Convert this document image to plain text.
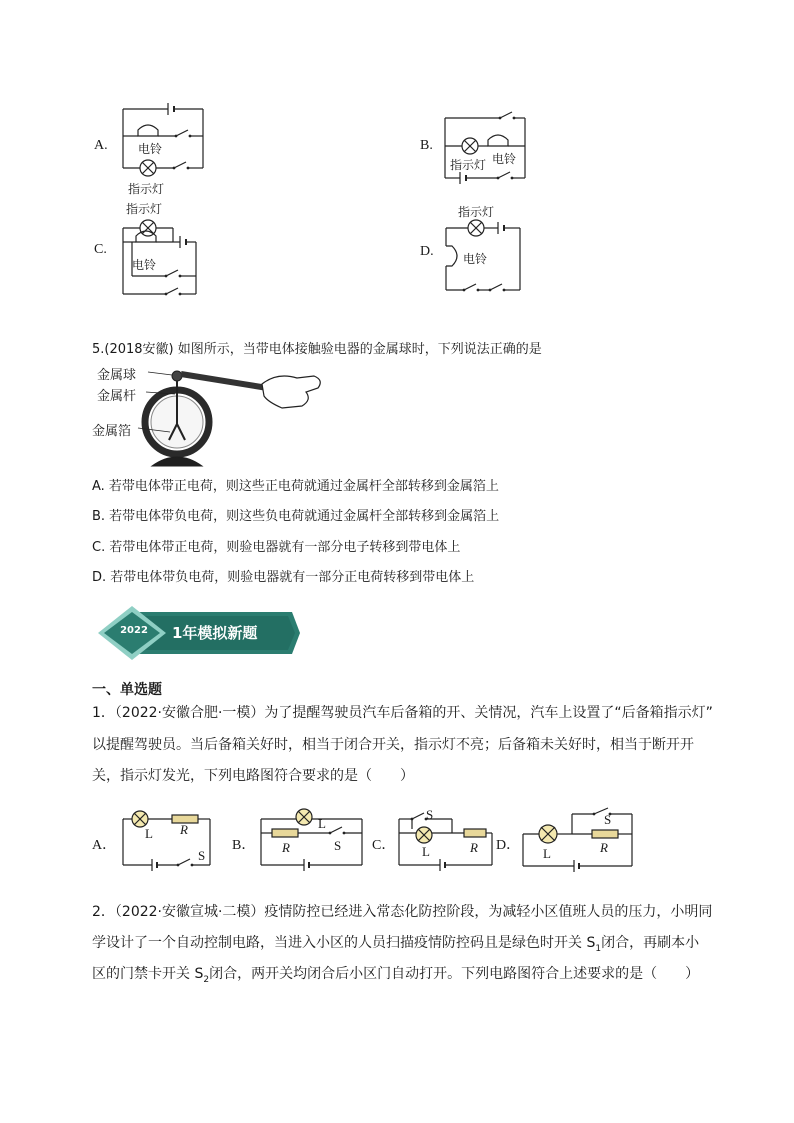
A.	电铃
指示灯
B.
指示灯 电铃
指示灯
C.
电铃
指示灯
D. 电铃
5.(2018安徽) 如图所示，当带电体接触验电器的金属球时，下列说法正确的是
金属球
金属杆
金属箔
A. 若带电体带正电荷，则这些正电荷就通过金属杆全部转移到金属箔上
B. 若带电体带负电荷，则这些负电荷就通过金属杆全部转移到金属箔上
C. 若带电体带正电荷，则验电器就有一部分电子转移到带电体上
D. 若带电体带负电荷，则验电器就有一部分正电荷转移到带电体上
2022	1年模拟新题
一、单选题
1．（2022·安徽合肥·一模）为了提醒驾驶员汽车后备箱的开、关情况，汽车上设置了“后备箱指示灯”
以提醒驾驶员。当后备箱关好时，相当于闭合开关，指示灯不亮；后备箱未关好时，相当于断开开
关，指示灯发光，下列电路图符合要求的是（　　）
A．
L R
S
B．
L
R	S C．
S
L	R D．
S
L	R
2．（2022·安徽宣城·二模）疫情防控已经进入常态化防控阶段，为减轻小区值班人员的压力，小明同
学设计了一个自动控制电路，当进入小区的人员扫描疫情防控码且是绿色时开关 $S_1$闭合，再刷本小
区的门禁卡开关 $S_2$闭合，两开关均闭合后小区门自动打开。下列电路图符合上述要求的是（　　）
